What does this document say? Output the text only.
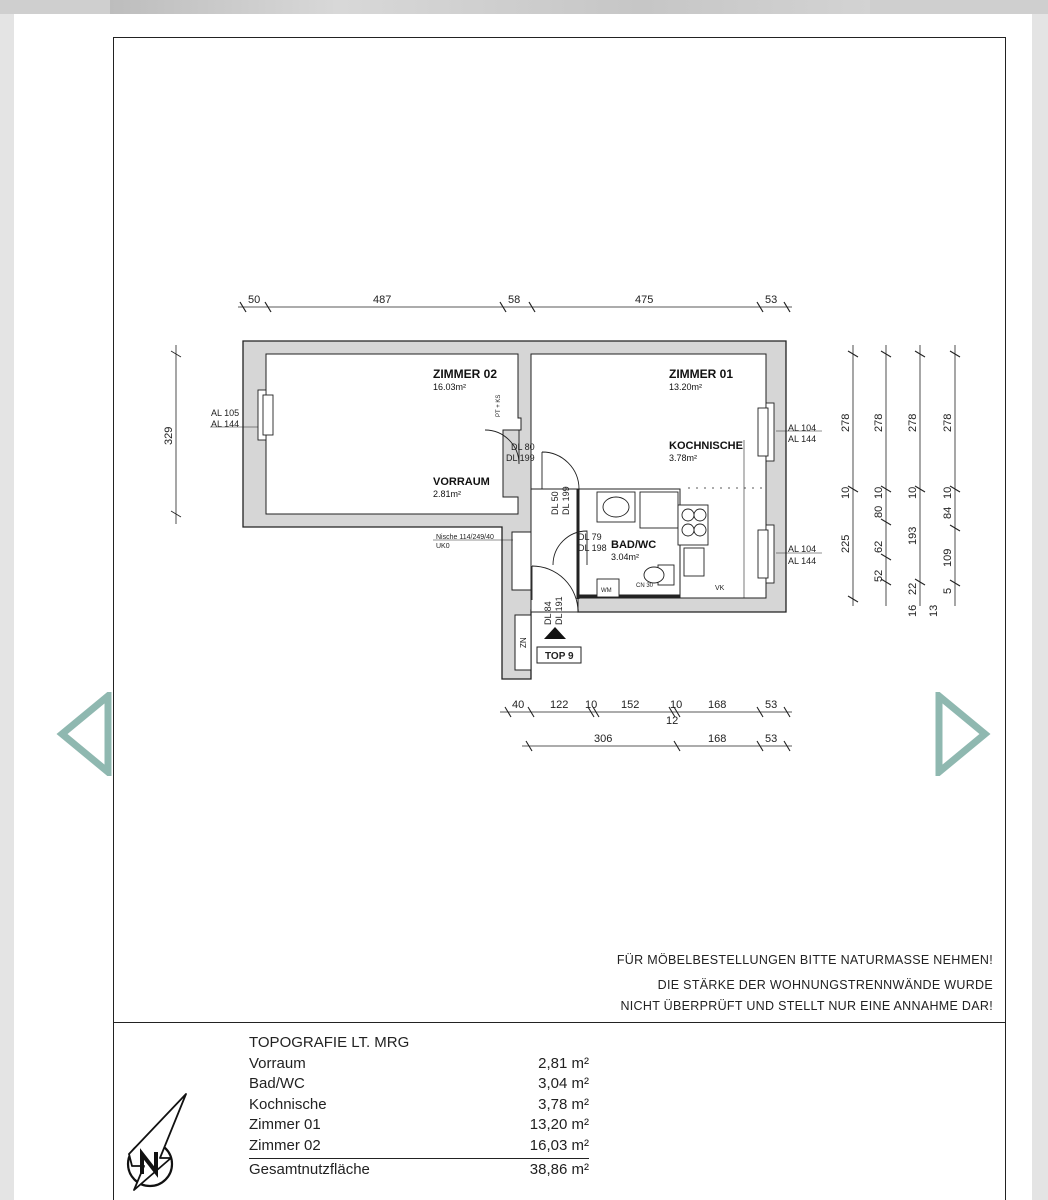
50	487	58	475	53
329
278
10
225
278
10
80
62
52
278
10
193
16
22
278
10
84
109
5
13
40 122 10 152	10 168	53
12
306	168	53
ZIMMER 02
16.03m²
ZIMMER 01
13.20m²
KOCHNISCHE
3.78m²
VORRAUM
2.81m²
BAD/WC
3.04m²
AL 105
AL 144	AL 104
AL 144
AL 104
AL 144
DL 80
DL 199
DL 50 DL 199
DL 79
DL 198
DL 84 DL 191
Nische 114/249/40
UK0
PT + KS
ZN
VK
WM
CN 30
TOP 9
FÜR MÖBELBESTELLUNGEN BITTE NATURMASSE NEHMEN!
DIE STÄRKE DER WOHNUNGSTRENNWÄNDE WURDE
NICHT ÜBERPRÜFT UND STELLT NUR EINE ANNAHME DAR!
TOPOGRAFIE LT. MRG
Vorraum	2,81 m²
Bad/WC	3,04 m²
Kochnische	3,78 m²
Zimmer 01	13,20 m²
Zimmer 02	16,03 m²
Gesamtnutzfläche	38,86 m²
